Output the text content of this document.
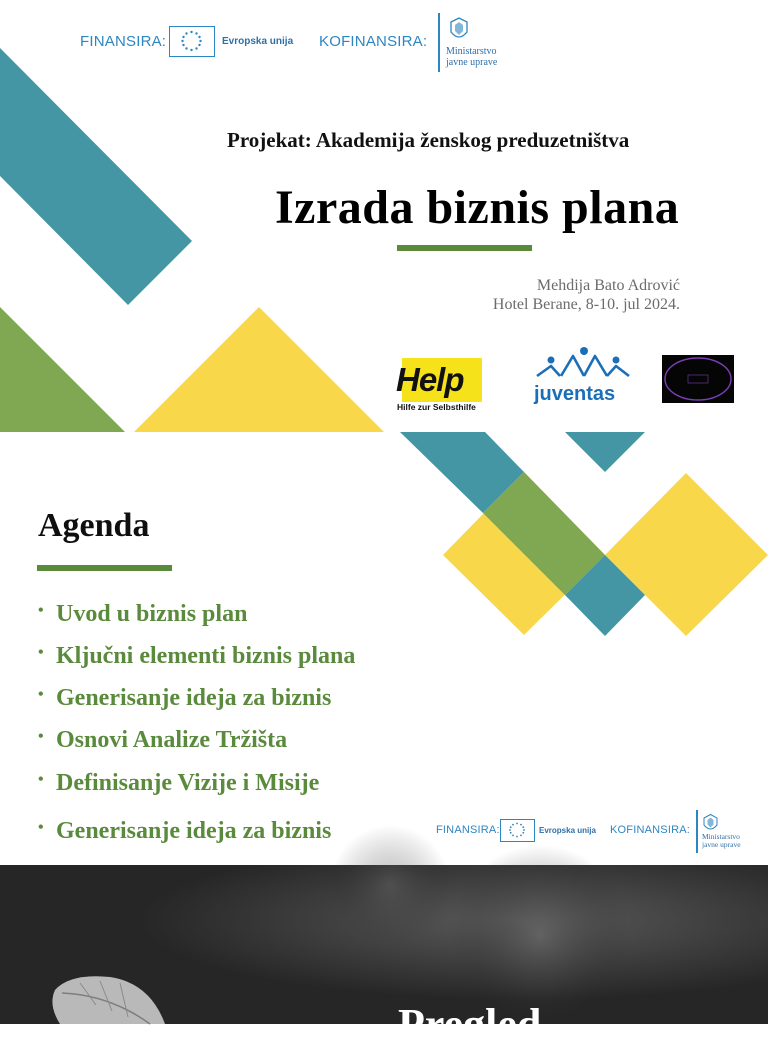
FINANSIRA:	Evropska unija KOFINANSIRA:
Ministarstvo
javne uprave
Projekat: Akademija ženskog preduzetništva
Izrada biznis plana
Mehdija Bato Adrović
Hotel Berane, 8-10. jul 2024.
Help
Hilfe zur Selbsthilfe
juventas
Agenda
• Uvod u biznis plan
• Ključni elementi biznis plana
• Generisanje ideja za biznis
• Osnovi Analize Tržišta
• Definisanje Vizije i Misije
• Generisanje ideja za biznis	FINANSIRA:	Evropska unija KOFINANSIRA:
Ministarstvo
javne uprave
Pregled
